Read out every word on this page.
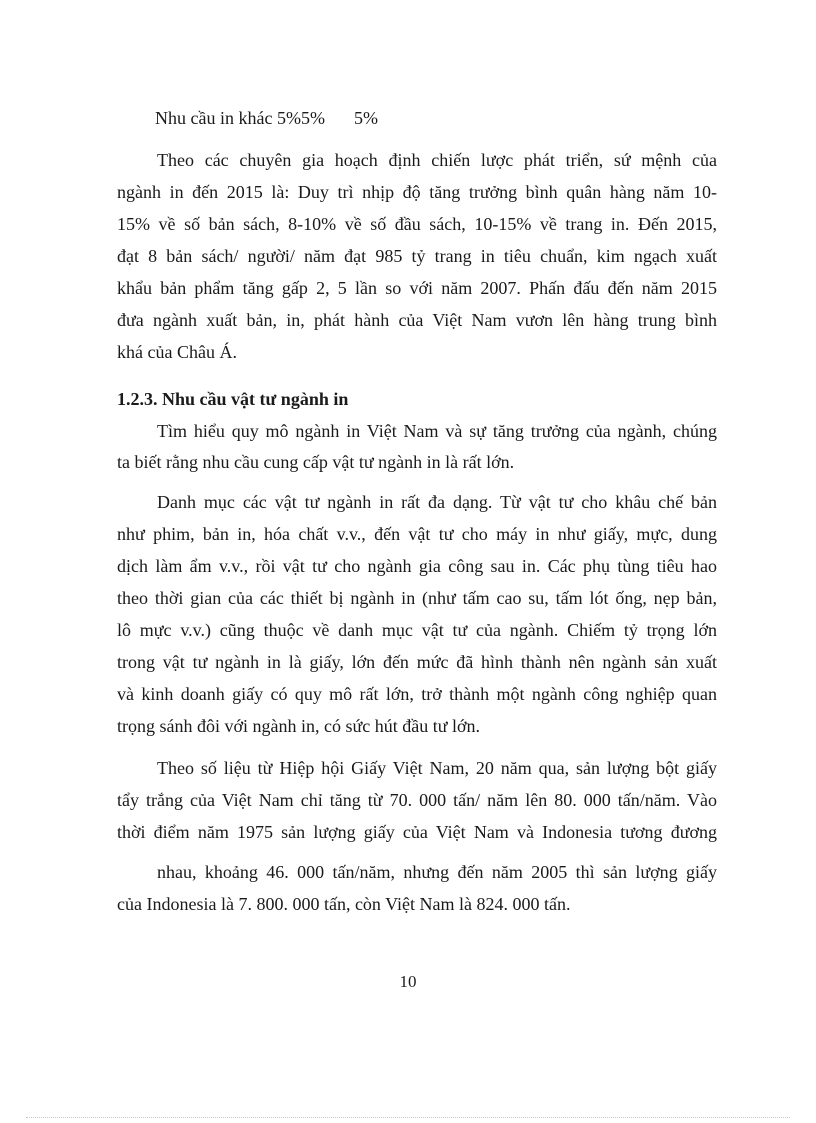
Nhu cầu in khác 5%5% 5%
Theo các chuyên gia hoạch định chiến lược phát triển, sứ mệnh của
ngành in đến 2015 là: Duy trì nhịp độ tăng trưởng bình quân hàng năm 10-
15% về số bản sách, 8-10% về số đầu sách, 10-15% về trang in. Đến 2015,
đạt 8 bản sách/ người/ năm đạt 985 tỷ trang in tiêu chuẩn, kim ngạch xuất
khẩu bản phẩm tăng gấp 2, 5 lần so với năm 2007. Phấn đấu đến năm 2015
đưa ngành xuất bản, in, phát hành của Việt Nam vươn lên hàng trung bình
khá của Châu Á.
1.2.3. Nhu cầu vật tư ngành in
Tìm hiểu quy mô ngành in Việt Nam và sự tăng trưởng của ngành, chúng
ta biết rằng nhu cầu cung cấp vật tư ngành in là rất lớn.
Danh mục các vật tư ngành in rất đa dạng. Từ vật tư cho khâu chế bản
như phim, bản in, hóa chất v.v., đến vật tư cho máy in như giấy, mực, dung
dịch làm ẩm v.v., rồi vật tư cho ngành gia công sau in. Các phụ tùng tiêu hao
theo thời gian của các thiết bị ngành in (như tấm cao su, tấm lót ống, nẹp bản,
lô mực v.v.) cũng thuộc về danh mục vật tư của ngành. Chiếm tỷ trọng lớn
trong vật tư ngành in là giấy, lớn đến mức đã hình thành nên ngành sản xuất
và kinh doanh giấy có quy mô rất lớn, trở thành một ngành công nghiệp quan
trọng sánh đôi với ngành in, có sức hút đầu tư lớn.
Theo số liệu từ Hiệp hội Giấy Việt Nam, 20 năm qua, sản lượng bột giấy
tẩy trắng của Việt Nam chỉ tăng từ 70. 000 tấn/ năm lên 80. 000 tấn/năm. Vào
thời điểm năm 1975 sản lượng giấy của Việt Nam và Indonesia tương đương
nhau, khoảng 46. 000 tấn/năm, nhưng đến năm 2005 thì sản lượng giấy
của Indonesia là 7. 800. 000 tấn, còn Việt Nam là 824. 000 tấn.
10
